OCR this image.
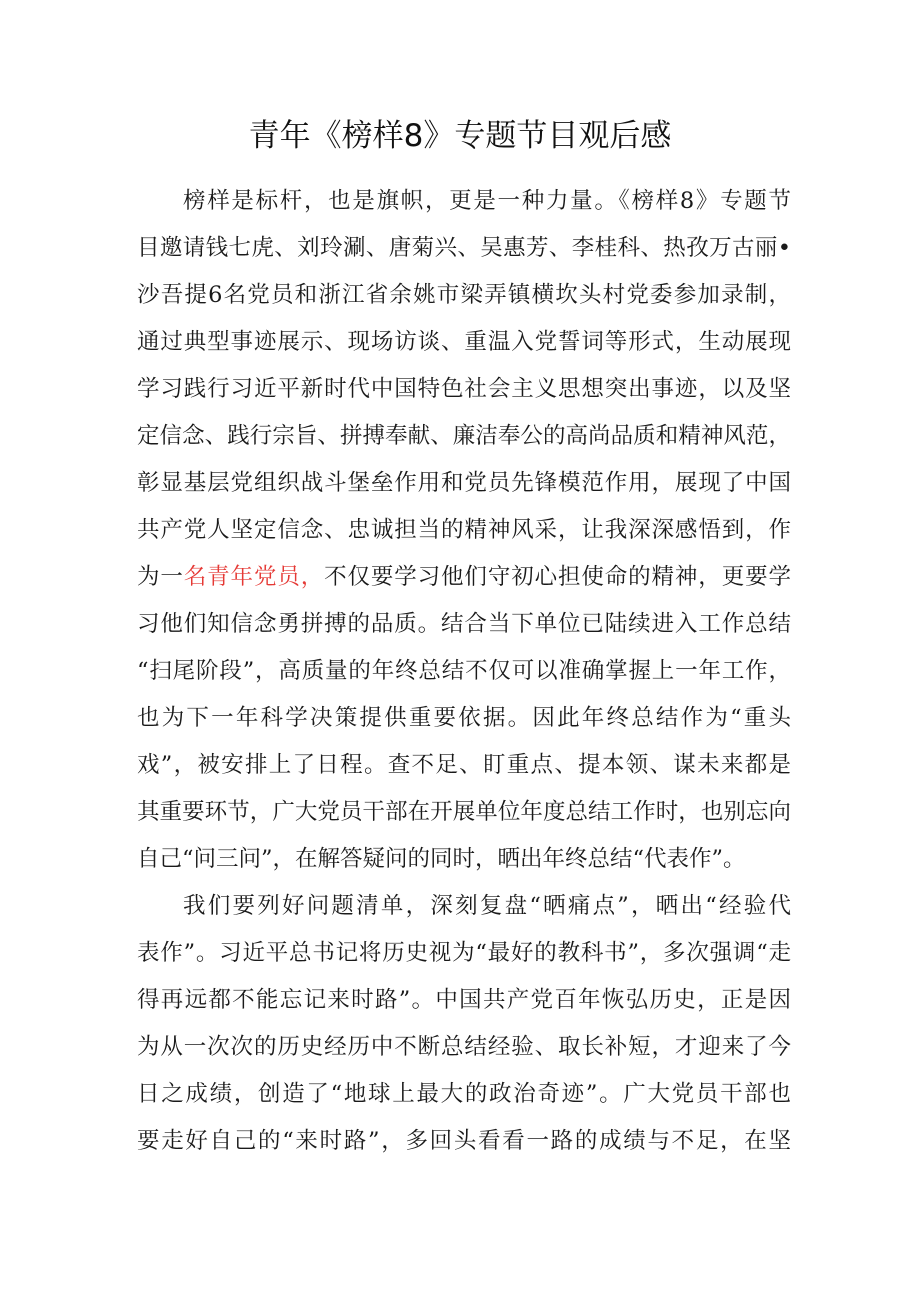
青年《榜样8》专题节目观后感
榜样是标杆，也是旗帜，更是一种力量。《榜样8》专题节
目邀请钱七虎、刘玲涮、唐菊兴、吴惠芳、李桂科、热孜万古丽•
沙吾提6名党员和浙江省余姚市梁弄镇横坎头村党委参加录制，
通过典型事迹展示、现场访谈、重温入党誓词等形式，生动展现
学习践行习近平新时代中国特色社会主义思想突出事迹，以及坚
定信念、践行宗旨、拼搏奉献、廉洁奉公的高尚品质和精神风范，
彰显基层党组织战斗堡垒作用和党员先锋模范作用，展现了中国
共产党人坚定信念、忠诚担当的精神风采，让我深深感悟到，作
为一名青年党员，不仅要学习他们守初心担使命的精神，更要学
习他们知信念勇拼搏的品质。结合当下单位已陆续进入工作总结
“扫尾阶段”，高质量的年终总结不仅可以准确掌握上一年工作，
也为下一年科学决策提供重要依据。因此年终总结作为“重头
戏”，被安排上了日程。查不足、盯重点、提本领、谋未来都是
其重要环节，广大党员干部在开展单位年度总结工作时，也别忘向
自己“问三问”，在解答疑问的同时，晒出年终总结“代表作”。
我们要列好问题清单，深刻复盘“晒痛点”，晒出“经验代
表作”。习近平总书记将历史视为“最好的教科书”，多次强调“走
得再远都不能忘记来时路”。中国共产党百年恢弘历史，正是因
为从一次次的历史经历中不断总结经验、取长补短，才迎来了今
日之成绩，创造了“地球上最大的政治奇迹”。广大党员干部也
要走好自己的“来时路”，多回头看看一路的成绩与不足，在坚
